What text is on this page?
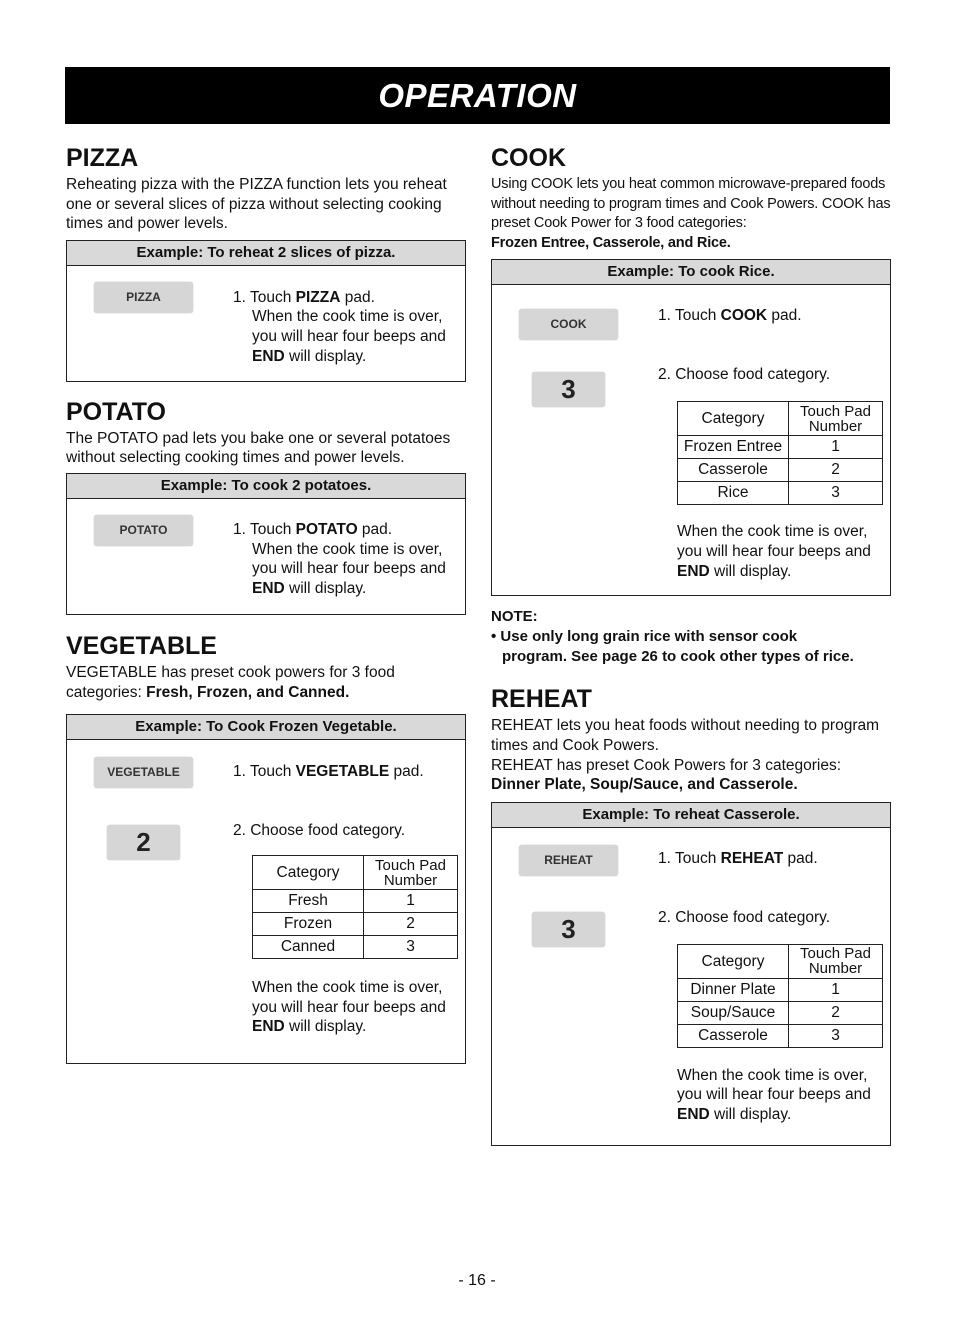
OPERATION
PIZZA

Reheating pizza with the PIZZA function lets you reheat one or several slices of pizza without selecting cooking times and power levels.

Example: To reheat 2 slices of pizza.
PIZZA	1. Touch PIZZA pad.
When the cook time is over,
you will hear four beeps and
END will display.
POTATO

The POTATO pad lets you bake one or several potatoes without selecting cooking times and power levels.

Example: To cook 2 potatoes.
POTATO	1. Touch POTATO pad.
When the cook time is over,
you will hear four beeps and
END will display.
VEGETABLE

VEGETABLE has preset cook powers for 3 food categories: Fresh, Frozen, and Canned.

Example: To Cook Frozen Vegetable.
VEGETABLE	1. Touch VEGETABLE pad.
2	2. Choose food category.
Category	Touch Pad
Number
Fresh	1
Frozen	2
Canned	3
When the cook time is over,
you will hear four beeps and
END will display.
COOK

Using COOK lets you heat common microwave-prepared foods without needing to program times and Cook Powers. COOK has preset Cook Power for 3 food categories:
Frozen Entree, Casserole, and Rice.

Example: To cook Rice.
COOK	1. Touch COOK pad.
3	2. Choose food category.
Category	Touch Pad
Number
Frozen Entree	1
Casserole	2
Rice	3
When the cook time is over,
you will hear four beeps and
END will display.
NOTE:
• Use only long grain rice with sensor cook
program. See page 26 to cook other types of rice.
REHEAT

REHEAT lets you heat foods without needing to program times and Cook Powers.
REHEAT has preset Cook Powers for 3 categories:
Dinner Plate, Soup/Sauce, and Casserole.

Example: To reheat Casserole.
REHEAT	1. Touch REHEAT pad.
3	2. Choose food category.
Category	Touch Pad
Number
Dinner Plate	1
Soup/Sauce	2
Casserole	3
When the cook time is over,
you will hear four beeps and
END will display.
- 16 -
